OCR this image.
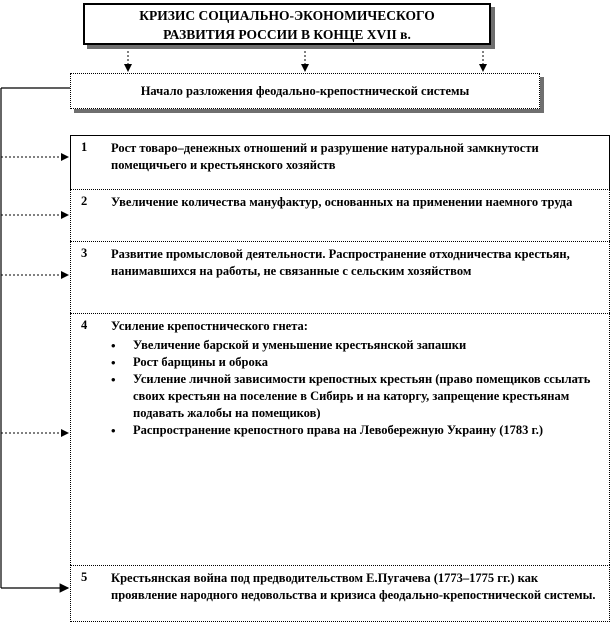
КРИЗИС СОЦИАЛЬНО-ЭКОНОМИЧЕСКОГО
РАЗВИТИЯ РОССИИ В КОНЦЕ XVII в.
Начало разложения феодально-крепостнической системы
1 Рост товаро–денежных отношений и разрушение натуральной замкнутости помещичьего и крестьянского хозяйств
2 Увеличение количества мануфактур, основанных на применении наемного труда
3 Развитие промысловой деятельности. Распространение отходничества крестьян, нанимавшихся на работы, не связанные с сельским хозяйством
4 Усиление крепостнического гнета:
• Увеличение барской и уменьшение крестьянской запашки
• Рост барщины и оброка
• Усиление личной зависимости крепостных крестьян (право помещиков ссылать своих крестьян на поселение в Сибирь и на каторгу, запрещение крестьянам подавать жалобы на помещиков)
• Распространение крепостного права на Левобережную Украину (1783 г.)
5 Крестьянская война под предводительством Е.Пугачева (1773–1775 гг.) как проявление народного недовольства и кризиса феодально-крепостнической системы.
